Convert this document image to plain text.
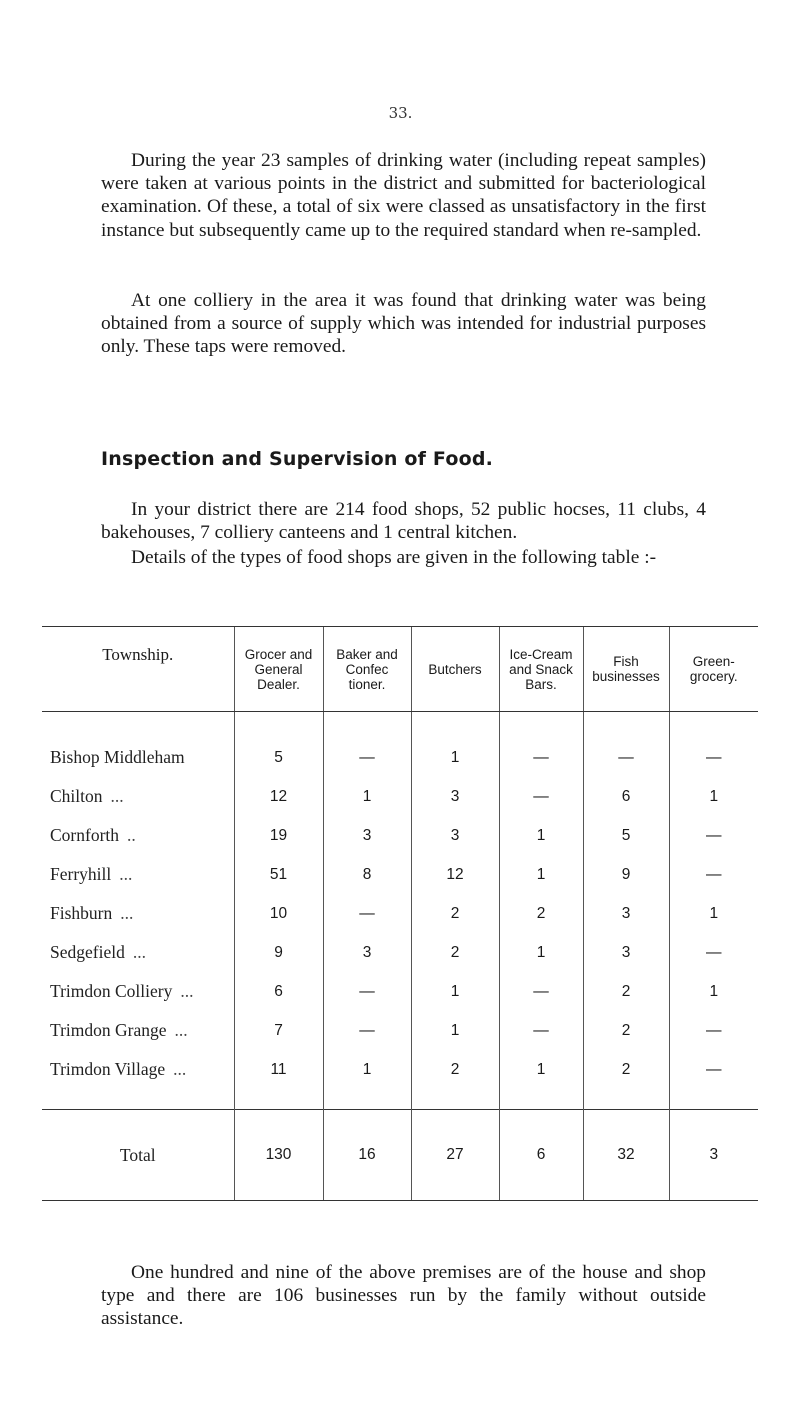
33.

During the year 23 samples of drinking water (including repeat samples) were taken at various points in the district and submitted for bacteriological examination. Of these, a total of six were classed as unsatisfactory in the first instance but subsequently came up to the required standard when re-sampled.

At one colliery in the area it was found that drinking water was being obtained from a source of supply which was intended for industrial purposes only. These taps were removed.

Inspection and Supervision of Food.

In your district there are 214 food shops, 52 public hocses, 11 clubs, 4 bakehouses, 7 colliery canteens and 1 central kitchen.

Details of the types of food shops are given in the following table :-

Township.	Grocer and General Dealer.	Baker and Confec tioner.	Butchers	Ice-Cream and Snack Bars.	Fish businesses	Green-grocery.
Bishop Middleham	5	—	1	—	—	—
Chilton ...	12	1	3	—	6	1
Cornforth ..	19	3	3	1	5	—
Ferryhill ...	51	8	12	1	9	—
Fishburn ...	10	—	2	2	3	1
Sedgefield ...	9	3	2	1	3	—
Trimdon Colliery ...	6	—	1	—	2	1
Trimdon Grange ...	7	—	1	—	2	—
Trimdon Village ...	11	1	2	1	2	—
Total	130	16	27	6	32	3

One hundred and nine of the above premises are of the house and shop type and there are 106 businesses run by the family without outside assistance.
